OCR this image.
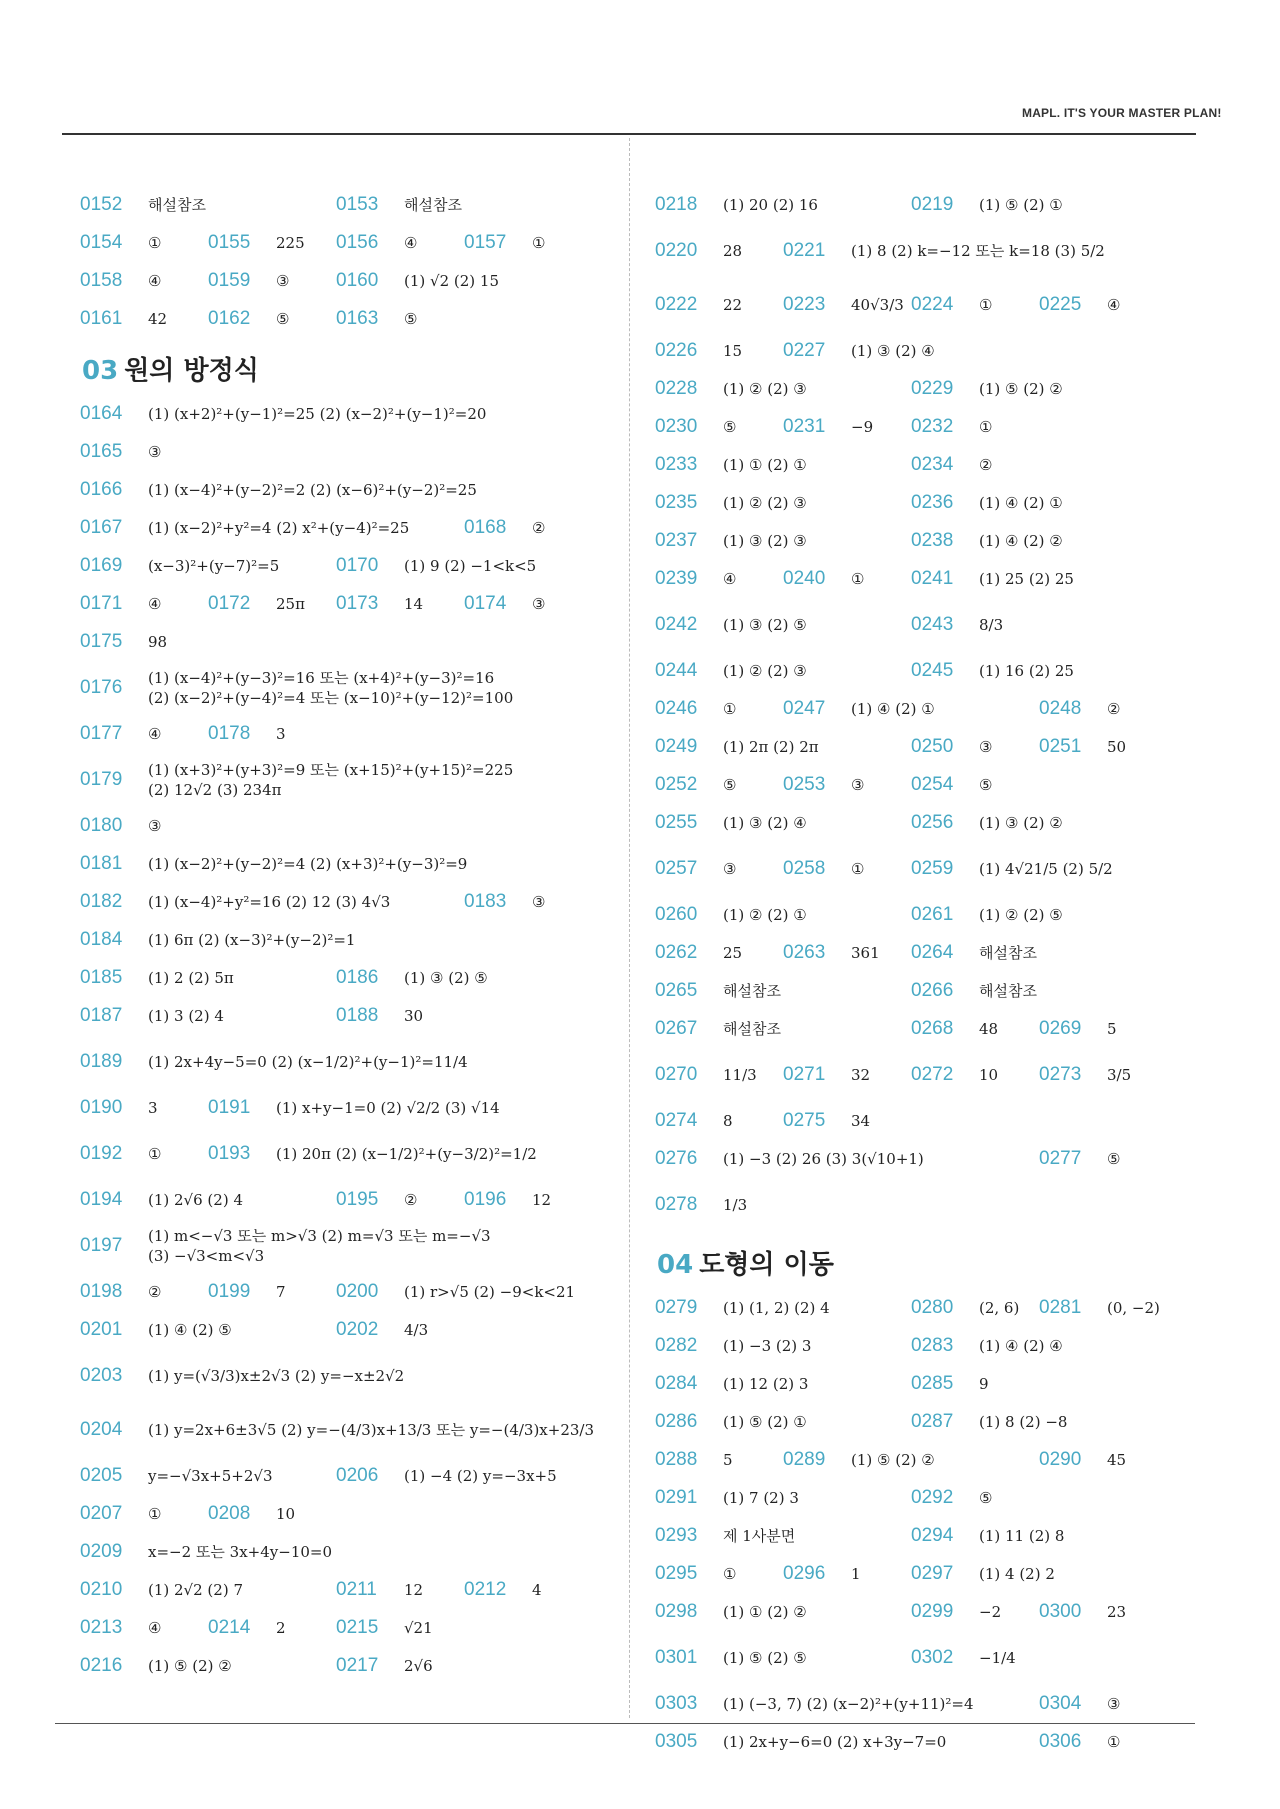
MAPL. IT'S YOUR MASTER PLAN!
0152	해설참조	0153	해설참조
0154	① 0155	225 0156	④ 0157	①
0158	④ 0159	③ 0160	(1) √2 (2) 15
0161	42 0162	⑤ 0163	⑤
03 원의 방정식
0164	(1) (x+2)²+(y−1)²=25 (2) (x−2)²+(y−1)²=20
0165	③
0166	(1) (x−4)²+(y−2)²=2 (2) (x−6)²+(y−2)²=25
0167	(1) (x−2)²+y²=4 (2) x²+(y−4)²=25	0168	②
0169	(x−3)²+(y−7)²=5	0170	(1) 9 (2) −1<k<5
0171	④ 0172	25π 0173	14 0174	③
0175	98
0176	(1) (x−4)²+(y−3)²=16 또는 (x+4)²+(y−3)²=16
(2) (x−2)²+(y−4)²=4 또는 (x−10)²+(y−12)²=100
0177	④ 0178	3
0179	(1) (x+3)²+(y+3)²=9 또는 (x+15)²+(y+15)²=225
(2) 12√2 (3) 234π
0180	③
0181	(1) (x−2)²+(y−2)²=4 (2) (x+3)²+(y−3)²=9
0182	(1) (x−4)²+y²=16 (2) 12 (3) 4√3	0183	③
0184	(1) 6π (2) (x−3)²+(y−2)²=1
0185	(1) 2 (2) 5π	0186	(1) ③ (2) ⑤
0187	(1) 3 (2) 4	0188	30
0189	(1) 2x+4y−5=0 (2) (x−1/2)²+(y−1)²=11/4
0190	3	0191	(1) x+y−1=0 (2) √2/2 (3) √14
0192	① 0193	(1) 20π (2) (x−1/2)²+(y−3/2)²=1/2
0194	(1) 2√6 (2) 4	0195	② 0196	12
0197	(1) m<−√3 또는 m>√3 (2) m=√3 또는 m=−√3
(3) −√3<m<√3
0198	② 0199	7	0200	(1) r>√5 (2) −9<k<21
0201	(1) ④ (2) ⑤	0202	4/3
0203	(1) y=(√3/3)x±2√3 (2) y=−x±2√2
0204	(1) y=2x+6±3√5 (2) y=−(4/3)x+13/3 또는 y=−(4/3)x+23/3
0205	y=−√3x+5+2√3	0206	(1) −4 (2) y=−3x+5
0207	① 0208	10
0209	x=−2 또는 3x+4y−10=0
0210	(1) 2√2 (2) 7	0211	12 0212	4
0213	④ 0214	2	0215	√21
0216	(1) ⑤ (2) ②	0217	2√6
0218	(1) 20 (2) 16	0219	(1) ⑤ (2) ①
0220	28 0221	(1) 8 (2) k=−12 또는 k=18 (3) 5/2
0222	22 0223	40√3/3 0224	① 0225	④
0226	15 0227	(1) ③ (2) ④
0228	(1) ② (2) ③	0229	(1) ⑤ (2) ②
0230	⑤ 0231	−9 0232	①
0233	(1) ① (2) ①	0234	②
0235	(1) ② (2) ③	0236	(1) ④ (2) ①
0237	(1) ③ (2) ③	0238	(1) ④ (2) ②
0239	④ 0240	① 0241	(1) 25 (2) 25
0242	(1) ③ (2) ⑤	0243	8/3
0244	(1) ② (2) ③	0245	(1) 16 (2) 25
0246	① 0247	(1) ④ (2) ①	0248	②
0249	(1) 2π (2) 2π	0250	③ 0251	50
0252	⑤ 0253	③ 0254	⑤
0255	(1) ③ (2) ④	0256	(1) ③ (2) ②
0257	③ 0258	① 0259	(1) 4√21/5 (2) 5/2
0260	(1) ② (2) ①	0261	(1) ② (2) ⑤
0262	25 0263	361 0264	해설참조
0265	해설참조	0266	해설참조
0267	해설참조	0268	48 0269	5
0270	11/3 0271	32 0272	10 0273	3/5
0274	8	0275	34
0276	(1) −3 (2) 26 (3) 3(√10+1)	0277	⑤
0278	1/3
04 도형의 이동
0279	(1) (1, 2) (2) 4	0280	(2, 6) 0281	(0, −2)
0282	(1) −3 (2) 3	0283	(1) ④ (2) ④
0284	(1) 12 (2) 3	0285	9
0286	(1) ⑤ (2) ①	0287	(1) 8 (2) −8
0288	5	0289	(1) ⑤ (2) ②	0290	45
0291	(1) 7 (2) 3	0292	⑤
0293	제 1사분면	0294	(1) 11 (2) 8
0295	① 0296	1	0297	(1) 4 (2) 2
0298	(1) ① (2) ②	0299	−2 0300	23
0301	(1) ⑤ (2) ⑤	0302	−1/4
0303	(1) (−3, 7) (2) (x−2)²+(y+11)²=4	0304	③
0305	(1) 2x+y−6=0 (2) x+3y−7=0	0306	①
